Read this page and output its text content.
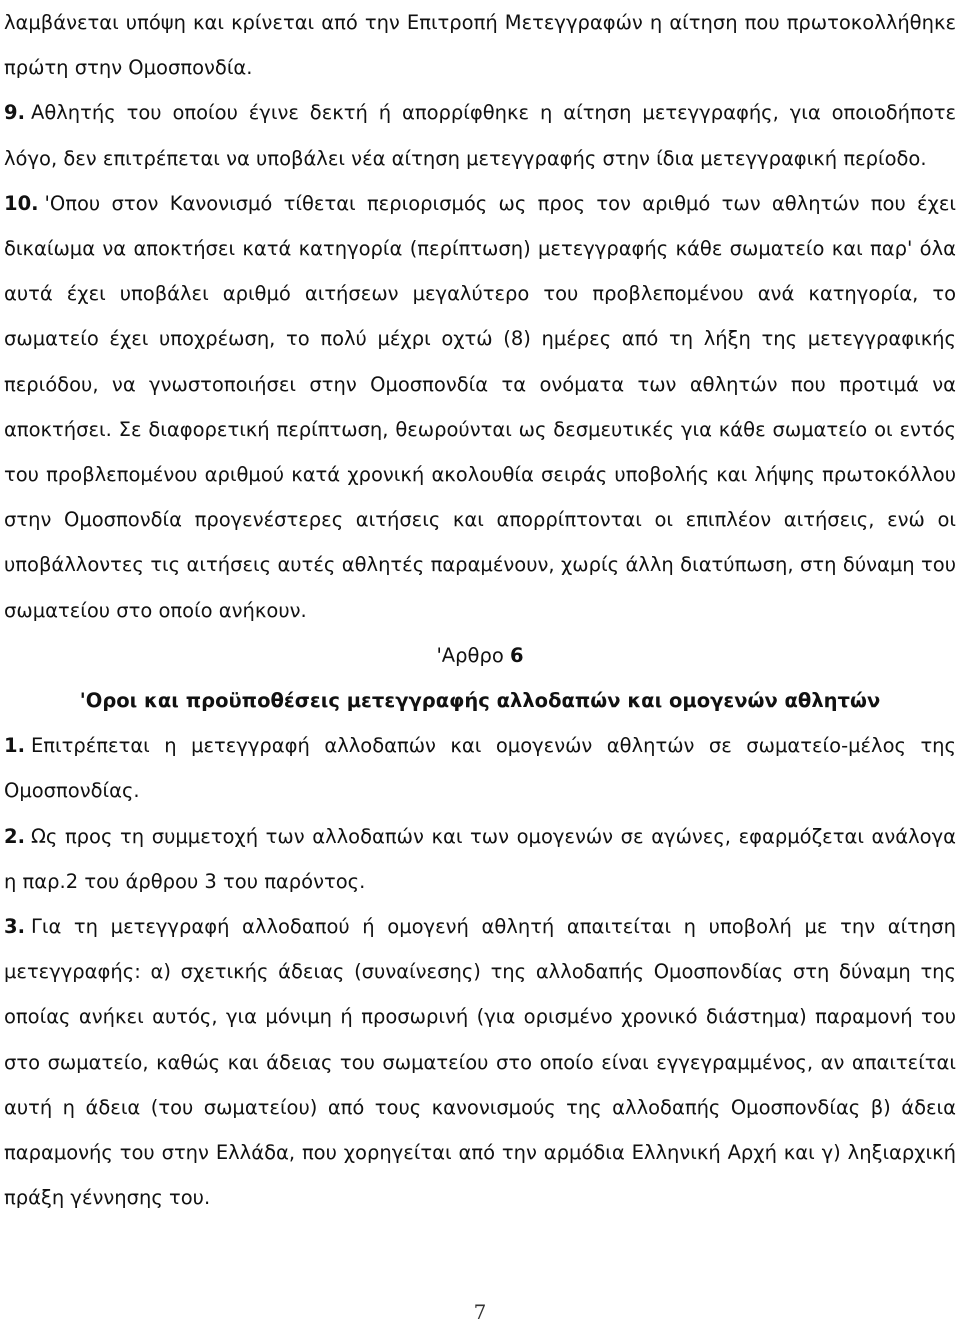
λαμβάνεται υπόψη και κρίνεται από την Επιτροπή Μετεγγραφών η αίτηση που πρωτοκολλήθηκε πρώτη στην Ομοσπονδία.

9. Αθλητής του οποίου έγινε δεκτή ή απορρίφθηκε η αίτηση μετεγγραφής, για οποιοδήποτε λόγο, δεν επιτρέπεται να υποβάλει νέα αίτηση μετεγγραφής στην ίδια μετεγγραφική περίοδο.

10. 'Οπου στον Κανονισμό τίθεται περιορισμός ως προς τον αριθμό των αθλητών που έχει δικαίωμα να αποκτήσει κατά κατηγορία (περίπτωση) μετεγγραφής κάθε σωματείο και παρ' όλα αυτά έχει υποβάλει αριθμό αιτήσεων μεγαλύτερο του προβλεπομένου ανά κατηγορία, το σωματείο έχει υποχρέωση, το πολύ μέχρι οχτώ (8) ημέρες από τη λήξη της μετεγγραφικής περιόδου, να γνωστοποιήσει στην Ομοσπονδία τα ονόματα των αθλητών που προτιμά να αποκτήσει. Σε διαφορετική περίπτωση, θεωρούνται ως δεσμευτικές για κάθε σωματείο οι εντός του προβλεπομένου αριθμού κατά χρονική ακολουθία σειράς υποβολής και λήψης πρωτοκόλλου στην Ομοσπονδία προγενέστερες αιτήσεις και απορρίπτονται οι επιπλέον αιτήσεις, ενώ οι υποβάλλοντες τις αιτήσεις αυτές αθλητές παραμένουν, χωρίς άλλη διατύπωση, στη δύναμη του σωματείου στο οποίο ανήκουν.

'Αρθρο 6

'Οροι και προϋποθέσεις μετεγγραφής αλλοδαπών και ομογενών αθλητών

1. Επιτρέπεται η μετεγγραφή αλλοδαπών και ομογενών αθλητών σε σωματείο-μέλος της Ομοσπονδίας.

2. Ως προς τη συμμετοχή των αλλοδαπών και των ομογενών σε αγώνες, εφαρμόζεται ανάλογα η παρ.2 του άρθρου 3 του παρόντος.

3. Για τη μετεγγραφή αλλοδαπού ή ομογενή αθλητή απαιτείται η υποβολή με την αίτηση μετεγγραφής: α) σχετικής άδειας (συναίνεσης) της αλλοδαπής Ομοσπονδίας στη δύναμη της οποίας ανήκει αυτός, για μόνιμη ή προσωρινή (για ορισμένο χρονικό διάστημα) παραμονή του στο σωματείο, καθώς και άδειας του σωματείου στο οποίο είναι εγγεγραμμένος, αν απαιτείται αυτή η άδεια (του σωματείου) από τους κανονισμούς της αλλοδαπής Ομοσπονδίας β) άδεια παραμονής του στην Ελλάδα, που χορηγείται από την αρμόδια Ελληνική Αρχή και γ) ληξιαρχική πράξη γέννησης του.

7
